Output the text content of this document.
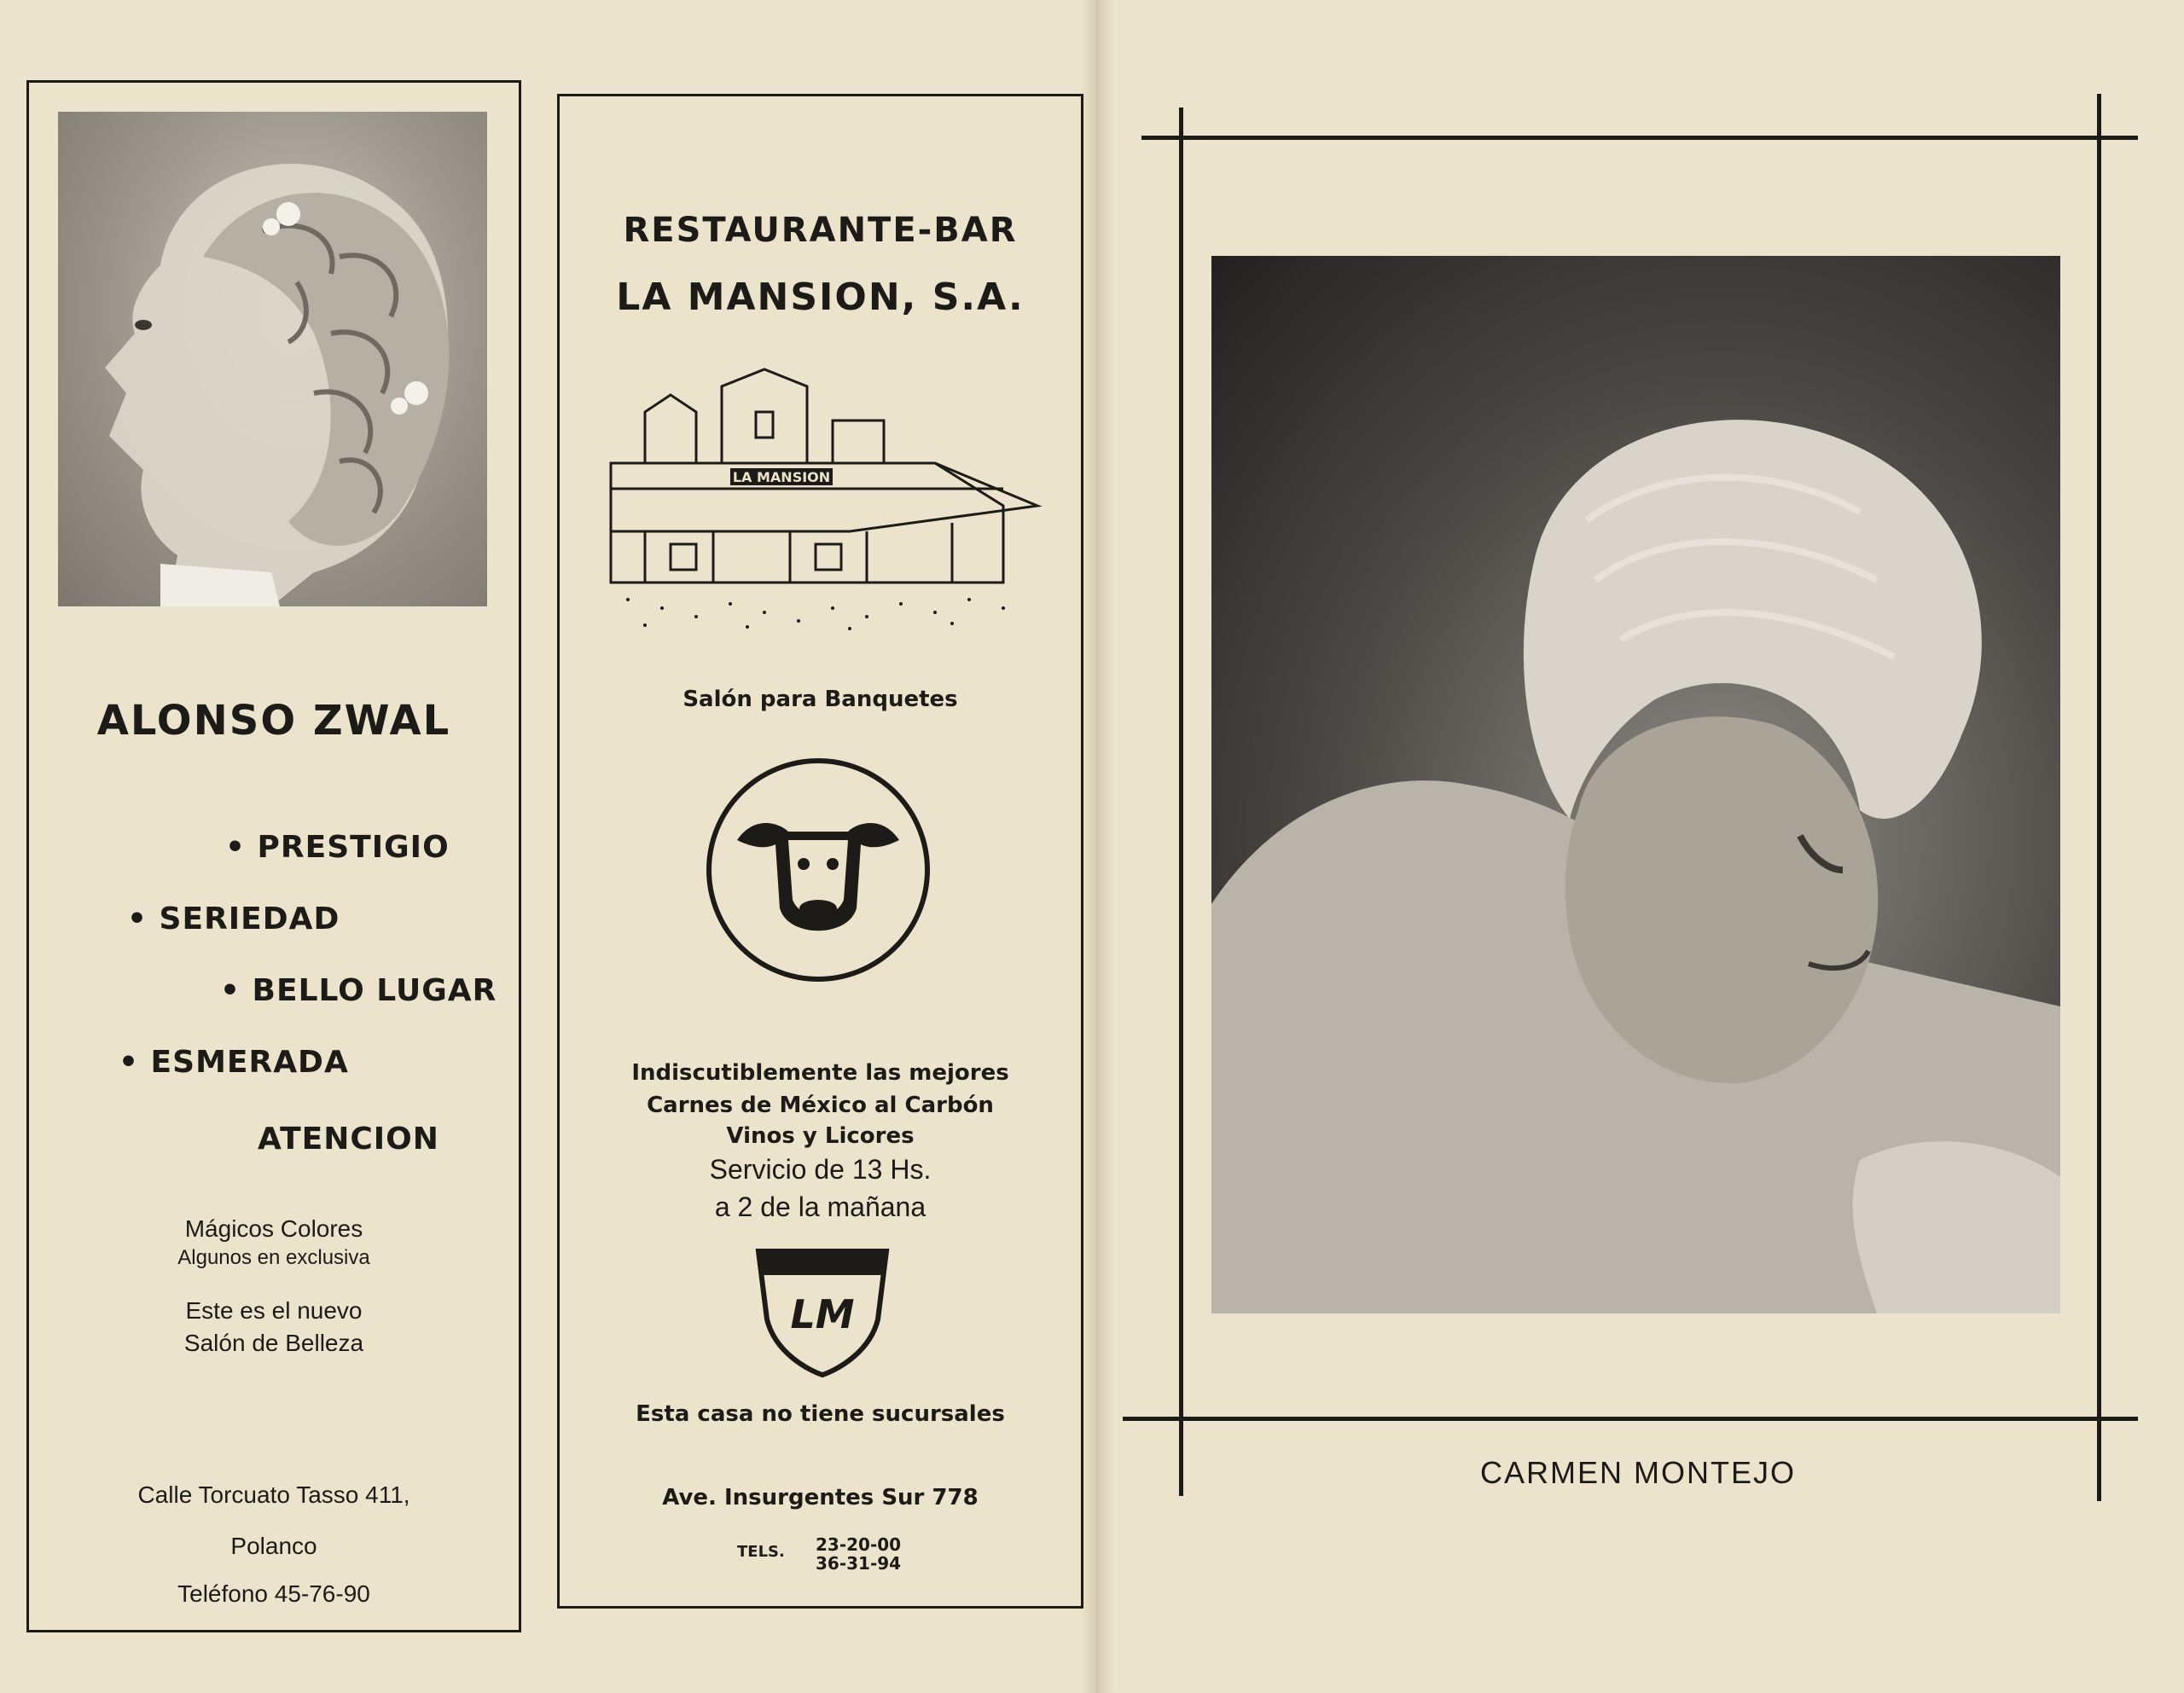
ALONSO ZWAL
• PRESTIGIO
• SERIEDAD
• BELLO LUGAR
• ESMERADA
ATENCION
Mágicos Colores
Algunos en exclusiva
Este es el nuevo
Salón de Belleza
Calle Torcuato Tasso 411,
Polanco
Teléfono 45-76-90
RESTAURANTE-BAR
LA MANSION, S.A.
LA MANSION
Salón para Banquetes
Indiscutiblemente las mejores
Carnes de México al Carbón
Vinos y Licores
Servicio de 13 Hs.
a 2 de la mañana
LM
Esta casa no tiene sucursales
Ave. Insurgentes Sur 778
TELS. 23-20-00
36-31-94
CARMEN MONTEJO
